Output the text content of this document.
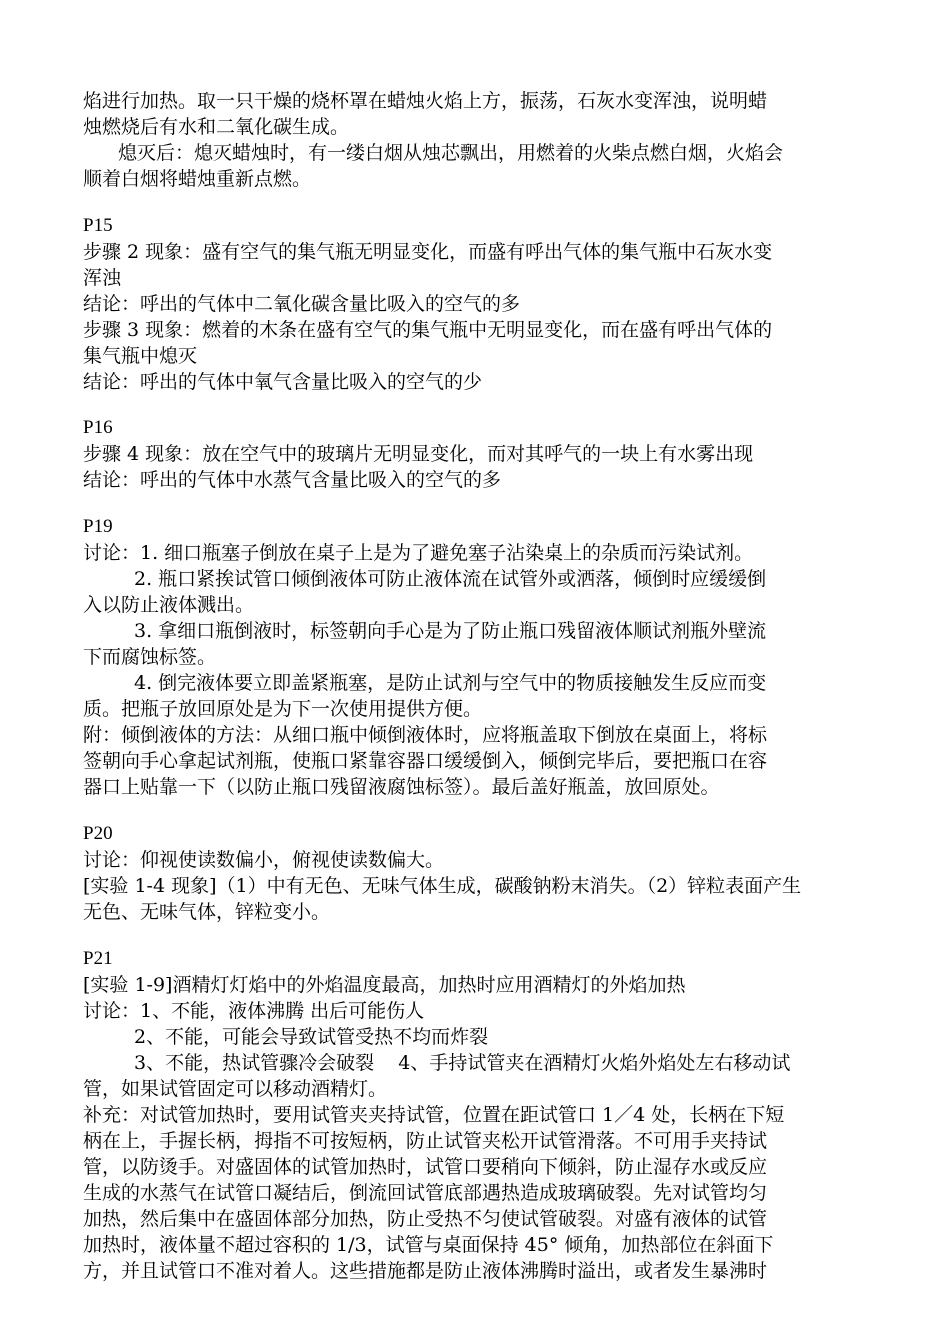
焰进行加热。取一只干燥的烧杯罩在蜡烛火焰上方，振荡，石灰水变浑浊，说明蜡
烛燃烧后有水和二氧化碳生成。
熄灭后：熄灭蜡烛时，有一缕白烟从烛芯飘出，用燃着的火柴点燃白烟，火焰会
顺着白烟将蜡烛重新点燃。
P15
步骤 2 现象：盛有空气的集气瓶无明显变化，而盛有呼出气体的集气瓶中石灰水变
浑浊
结论：呼出的气体中二氧化碳含量比吸入的空气的多
步骤 3 现象：燃着的木条在盛有空气的集气瓶中无明显变化，而在盛有呼出气体的
集气瓶中熄灭
结论：呼出的气体中氧气含量比吸入的空气的少
P16
步骤 4 现象：放在空气中的玻璃片无明显变化，而对其呼气的一块上有水雾出现
结论：呼出的气体中水蒸气含量比吸入的空气的多
P19
讨论：1. 细口瓶塞子倒放在桌子上是为了避免塞子沾染桌上的杂质而污染试剂。
2. 瓶口紧挨试管口倾倒液体可防止液体流在试管外或洒落，倾倒时应缓缓倒
入以防止液体溅出。
3. 拿细口瓶倒液时，标签朝向手心是为了防止瓶口残留液体顺试剂瓶外壁流
下而腐蚀标签。
4. 倒完液体要立即盖紧瓶塞，是防止试剂与空气中的物质接触发生反应而变
质。把瓶子放回原处是为下一次使用提供方便。
附：倾倒液体的方法：从细口瓶中倾倒液体时，应将瓶盖取下倒放在桌面上，将标
签朝向手心拿起试剂瓶，使瓶口紧靠容器口缓缓倒入，倾倒完毕后，要把瓶口在容
器口上贴靠一下（以防止瓶口残留液腐蚀标签）。最后盖好瓶盖，放回原处。
P20
讨论：仰视使读数偏小，俯视使读数偏大。
[实验 1-4 现象]（1）中有无色、无味气体生成，碳酸钠粉末消失。（2）锌粒表面产生
无色、无味气体，锌粒变小。
P21
[实验 1-9]酒精灯灯焰中的外焰温度最高，加热时应用酒精灯的外焰加热
讨论：1、不能，液体沸腾 出后可能伤人
2、不能，可能会导致试管受热不均而炸裂
3、不能，热试管骤冷会破裂    4、手持试管夹在酒精灯火焰外焰处左右移动试
管，如果试管固定可以移动酒精灯。
补充：对试管加热时，要用试管夹夹持试管，位置在距试管口 1／4 处，长柄在下短
柄在上，手握长柄，拇指不可按短柄，防止试管夹松开试管滑落。不可用手夹持试
管，以防烫手。对盛固体的试管加热时，试管口要稍向下倾斜，防止湿存水或反应
生成的水蒸气在试管口凝结后，倒流回试管底部遇热造成玻璃破裂。先对试管均匀
加热，然后集中在盛固体部分加热，防止受热不匀使试管破裂。对盛有液体的试管
加热时，液体量不超过容积的 1/3，试管与桌面保持 45° 倾角，加热部位在斜面下
方，并且试管口不准对着人。这些措施都是防止液体沸腾时溢出，或者发生暴沸时
